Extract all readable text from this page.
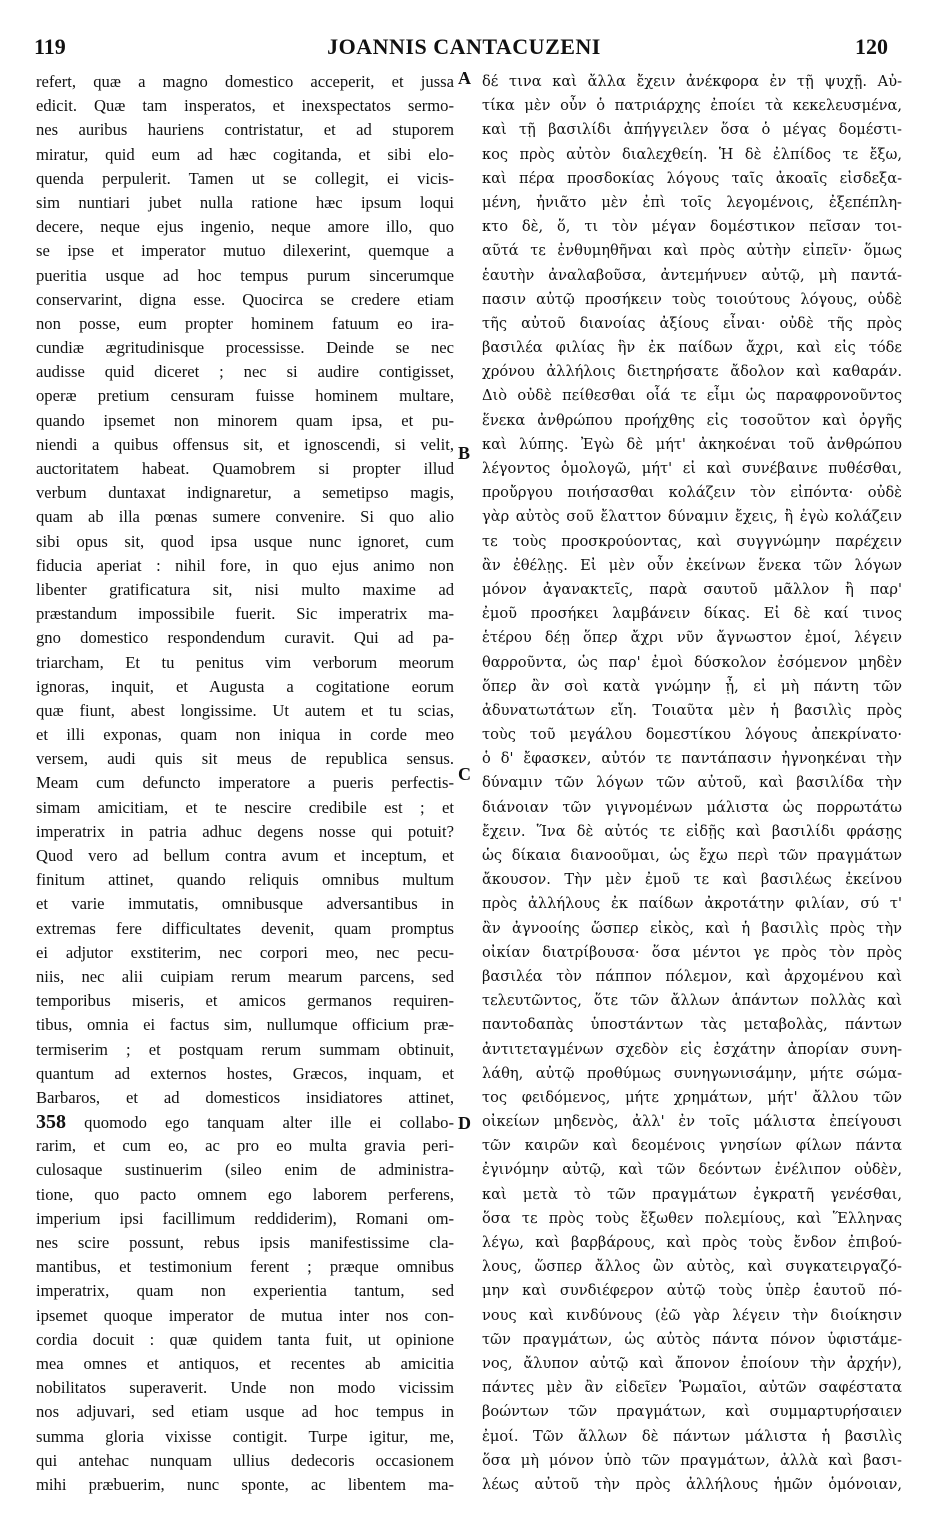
119	JOANNIS CANTACUZENI	120
refert, quæ a magno domestico acceperit, et jussa
edicit. Quæ tam insperatos, et inexspectatos sermo-
nes auribus hauriens contristatur, et ad stuporem
miratur, quid eum ad hæc cogitanda, et sibi elo-
quenda perpulerit. Tamen ut se collegit, ei vicis-
sim nuntiari jubet nulla ratione hæc ipsum loqui
decere, neque ejus ingenio, neque amore illo, quo
se ipse et imperator mutuo dilexerint, quemque a
pueritia usque ad hoc tempus purum sincerumque
conservarint, digna esse. Quocirca se credere etiam
non posse, eum propter hominem fatuum eo ira-
cundiæ ægritudinisque processisse. Deinde se nec
audisse quid diceret ; nec si audire contigisset,
operæ pretium censuram fuisse hominem multare,
quando ipsemet non minorem quam ipsa, et pu-
niendi a quibus offensus sit, et ignoscendi, si velit,
auctoritatem habeat. Quamobrem si propter illud
verbum duntaxat indignaretur, a semetipso magis,
quam ab illa pœnas sumere convenire. Si quo alio
sibi opus sit, quod ipsa usque nunc ignoret, cum
fiducia aperiat : nihil fore, in quo ejus animo non
libenter gratificatura sit, nisi multo maxime ad
præstandum impossibile fuerit. Sic imperatrix ma-
gno domestico respondendum curavit. Qui ad pa-
triarcham, Et tu penitus vim verborum meorum
ignoras, inquit, et Augusta a cogitatione eorum
quæ fiunt, abest longissime. Ut autem et tu scias,
et illi exponas, quam non iniqua in corde meo
versem, audi quis sit meus de republica sensus.
Meam cum defuncto imperatore a pueris perfectis-
simam amicitiam, et te nescire credibile est ; et
imperatrix in patria adhuc degens nosse qui potuit?
Quod vero ad bellum contra avum et inceptum, et
finitum attinet, quando reliquis omnibus multum
et varie immutatis, omnibusque adversantibus in
extremas fere difficultates devenit, quam promptus
ei adjutor exstiterim, nec corpori meo, nec pecu-
niis, nec alii cuipiam rerum mearum parcens, sed
temporibus miseris, et amicos germanos requiren-
tibus, omnia ei factus sim, nullumque officium præ-
termiserim ; et postquam rerum summam obtinuit,
quantum ad externos hostes, Græcos, inquam, et
Barbaros, et ad domesticos insidiatores attinet,
358 quomodo ego tanquam alter ille ei collabo-
rarim, et cum eo, ac pro eo multa gravia peri-
culosaque sustinuerim (sileo enim de administra-
tione, quo pacto omnem ego laborem perferens,
imperium ipsi facillimum reddiderim), Romani om-
nes scire possunt, rebus ipsis manifestissime cla-
mantibus, et testimonium ferent ; præque omnibus
imperatrix, quam non experientia tantum, sed
ipsemet quoque imperator de mutua inter nos con-
cordia docuit : quæ quidem tanta fuit, ut opinione
mea omnes et antiquos, et recentes ab amicitia
nobilitatos superaverit. Unde non modo vicissim
nos adjuvari, sed etiam usque ad hoc tempus in
summa gloria vixisse contigit. Turpe igitur, me,
qui antehac nunquam ullius dedecoris occasionem
mihi præbuerim, nunc sponte, ac libentem ma-
A
B
C
D
δέ τινα καὶ ἄλλα ἔχειν ἀνέκφορα ἐν τῇ ψυχῇ. Αὐ-
τίκα μὲν οὖν ὁ πατριάρχης ἐποίει τὰ κεκελευσμένα,
καὶ τῇ βασιλίδι ἀπήγγειλεν ὅσα ὁ μέγας δομέστι-
κος πρὸς αὐτὸν διαλεχθείη. Ἡ δὲ ἐλπίδος τε ἔξω,
καὶ πέρα προσδοκίας λόγους ταῖς ἀκοαῖς εἰσδεξα-
μένη, ἠνιᾶτο μὲν ἐπὶ τοῖς λεγομένοις, ἐξεπέπλη-
κτο δὲ, ὅ, τι τὸν μέγαν δομέστικον πεῖσαν τοι-
αῦτά τε ἐνθυμηθῆναι καὶ πρὸς αὐτὴν εἰπεῖν· ὅμως
ἑαυτὴν ἀναλαβοῦσα, ἀντεμήνυεν αὐτῷ, μὴ παντά-
πασιν αὐτῷ προσήκειν τοὺς τοιούτους λόγους, οὐδὲ
τῆς αὐτοῦ διανοίας ἀξίους εἶναι· οὐδὲ τῆς πρὸς
βασιλέα φιλίας ἣν ἐκ παίδων ἄχρι, καὶ εἰς τόδε
χρόνου ἀλλήλοις διετηρήσατε ἄδολον καὶ καθαράν.
Διὸ οὐδὲ πείθεσθαι οἷά τε εἶμι ὡς παραφρονοῦντος
ἕνεκα ἀνθρώπου προήχθης εἰς τοσοῦτον καὶ ὀργῆς
καὶ λύπης. Ἐγὼ δὲ μήτ' ἀκηκοέναι τοῦ ἀνθρώπου
λέγοντος ὁμολογῶ, μήτ' εἰ καὶ συνέβαινε πυθέσθαι,
προὔργου ποιήσασθαι κολάζειν τὸν εἰπόντα· οὐδὲ
γὰρ αὐτὸς σοῦ ἔλαττον δύναμιν ἔχεις, ἢ ἐγὼ κολάζειν
τε τοὺς προσκρούοντας, καὶ συγγνώμην παρέχειν
ἂν ἐθέλῃς. Εἰ μὲν οὖν ἐκείνων ἕνεκα τῶν λόγων
μόνον ἀγανακτεῖς, παρὰ σαυτοῦ μᾶλλον ἢ παρ'
ἐμοῦ προσήκει λαμβάνειν δίκας. Εἰ δὲ καί τινος
ἑτέρου δέῃ ὅπερ ἄχρι νῦν ἄγνωστον ἐμοί, λέγειν
θαρροῦντα, ὡς παρ' ἐμοὶ δύσκολον ἐσόμενον μηδὲν
ὅπερ ἂν σοὶ κατὰ γνώμην ᾖ, εἰ μὴ πάντη τῶν
ἀδυνατωτάτων εἴη. Τοιαῦτα μὲν ἡ βασιλὶς πρὸς
τοὺς τοῦ μεγάλου δομεστίκου λόγους ἀπεκρίνατο·
ὁ δ' ἔφασκεν, αὐτόν τε παντάπασιν ἠγνοηκέναι τὴν
δύναμιν τῶν λόγων τῶν αὐτοῦ, καὶ βασιλίδα τὴν
διάνοιαν τῶν γιγνομένων μάλιστα ὡς πορρωτάτω
ἔχειν. Ἵνα δὲ αὐτός τε εἰδῇς καὶ βασιλίδι φράσῃς
ὡς δίκαια διανοοῦμαι, ὡς ἔχω περὶ τῶν πραγμάτων
ἄκουσον. Τὴν μὲν ἐμοῦ τε καὶ βασιλέως ἐκείνου
πρὸς ἀλλήλους ἐκ παίδων ἀκροτάτην φιλίαν, σύ τ'
ἂν ἀγνοοίης ὥσπερ εἰκὸς, καὶ ἡ βασιλὶς πρὸς τὴν
οἰκίαν διατρίβουσα· ὅσα μέντοι γε πρὸς τὸν πρὸς
βασιλέα τὸν πάππον πόλεμον, καὶ ἀρχομένου καὶ
τελευτῶντος, ὅτε τῶν ἄλλων ἁπάντων πολλὰς καὶ
παντοδαπὰς ὑποστάντων τὰς μεταβολὰς, πάντων
ἀντιτεταγμένων σχεδὸν εἰς ἐσχάτην ἀπορίαν συνη-
λάθη, αὐτῷ προθύμως συνηγωνισάμην, μήτε σώμα-
τος φειδόμενος, μήτε χρημάτων, μήτ' ἄλλου τῶν
οἰκείων μηδενὸς, ἀλλ' ἐν τοῖς μάλιστα ἐπείγουσι
τῶν καιρῶν καὶ δεομένοις γνησίων φίλων πάντα
ἐγινόμην αὐτῷ, καὶ τῶν δεόντων ἐνέλιπον οὐδὲν,
καὶ μετὰ τὸ τῶν πραγμάτων ἐγκρατῆ γενέσθαι,
ὅσα τε πρὸς τοὺς ἔξωθεν πολεμίους, καὶ Ἕλληνας
λέγω, καὶ βαρβάρους, καὶ πρὸς τοὺς ἔνδον ἐπιβού-
λους, ὥσπερ ἄλλος ὢν αὐτὸς, καὶ συγκατειργαζό-
μην καὶ συνδιέφερον αὐτῷ τοὺς ὑπὲρ ἑαυτοῦ πό-
νους καὶ κινδύνους (ἐῶ γὰρ λέγειν τὴν διοίκησιν
τῶν πραγμάτων, ὡς αὐτὸς πάντα πόνον ὑφιστάμε-
νος, ἄλυπον αὐτῷ καὶ ἄπονον ἐποίουν τὴν ἀρχήν),
πάντες μὲν ἂν εἰδεῖεν Ῥωμαῖοι, αὐτῶν σαφέστατα
βοώντων τῶν πραγμάτων, καὶ συμμαρτυρήσαιεν
ἐμοί. Τῶν ἄλλων δὲ πάντων μάλιστα ἡ βασιλὶς
ὅσα μὴ μόνον ὑπὸ τῶν πραγμάτων, ἀλλὰ καὶ βασι-
λέως αὐτοῦ τὴν πρὸς ἀλλήλους ἡμῶν ὁμόνοιαν,
